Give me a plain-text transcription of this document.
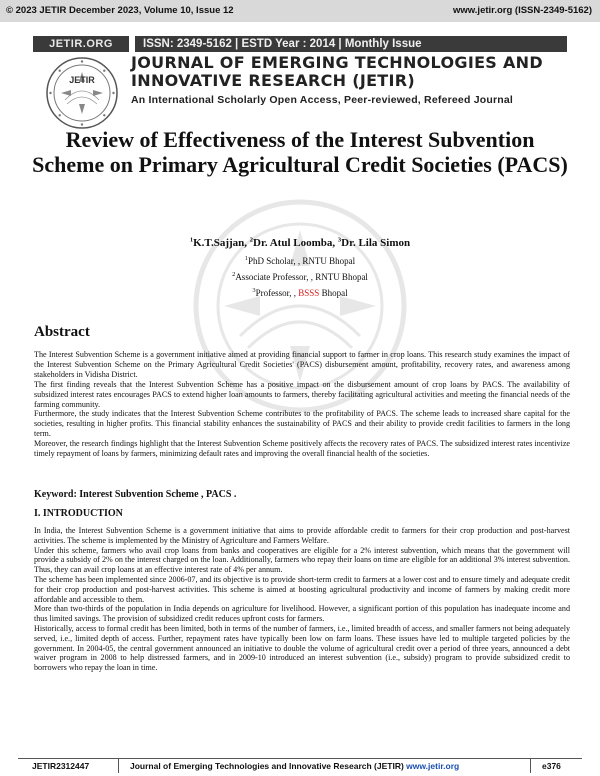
© 2023 JETIR December 2023, Volume 10, Issue 12	www.jetir.org (ISSN-2349-5162)
JETIR.ORG	ISSN: 2349-5162 | ESTD Year : 2014 | Monthly Issue
JETIR
JOURNAL OF EMERGING TECHNOLOGIES AND
INNOVATIVE RESEARCH (JETIR)
An International Scholarly Open Access, Peer-reviewed, Refereed Journal
Review of Effectiveness of the Interest Subvention Scheme on Primary Agricultural Credit Societies (PACS)
$^1$K.T.Sajjan, $^2$Dr. Atul Loomba, $^3$Dr. Lila Simon
$^1$PhD Scholar, , RNTU Bhopal
$^2$Associate Professor, , RNTU Bhopal
$^3$Professor, , BSSS Bhopal
Abstract

The Interest Subvention Scheme is a government initiative aimed at providing financial support to farmer in crop loans. This research study examines the impact of the Interest Subvention Scheme on the Primary Agricultural Credit Societies' (PACS) disbursement amount, profitability, recovery rates, and awareness among stakeholders in Vidisha District.

The first finding reveals that the Interest Subvention Scheme has a positive impact on the disbursement amount of crop loans by PACS. The availability of subsidized interest rates encourages PACS to extend higher loan amounts to farmers, thereby facilitating agricultural activities and meeting the financial needs of the farming community.

Furthermore, the study indicates that the Interest Subvention Scheme contributes to the profitability of PACS. The scheme leads to increased share capital for the societies, resulting in higher profits. This financial stability enhances the sustainability of PACS and their ability to provide credit facilities to farmers in the long term.

Moreover, the research findings highlight that the Interest Subvention Scheme positively affects the recovery rates of PACS. The subsidized interest rates incentivize timely repayment of loans by farmers, minimizing default rates and improving the overall financial health of the societies.

Keyword: Interest Subvention Scheme , PACS .
I. INTRODUCTION

In India, the Interest Subvention Scheme is a government initiative that aims to provide affordable credit to farmers for their crop production and post-harvest activities. The scheme is implemented by the Ministry of Agriculture and Farmers Welfare.

Under this scheme, farmers who avail crop loans from banks and cooperatives are eligible for a 2% interest subvention, which means that the government will provide a subsidy of 2% on the interest charged on the loan. Additionally, farmers who repay their loans on time are eligible for an additional 3% interest subvention. Thus, they can avail crop loans at an effective interest rate of 4% per annum.

The scheme has been implemented since 2006-07, and its objective is to provide short-term credit to farmers at a lower cost and to ensure timely and adequate credit for their crop production and post-harvest activities. This scheme is aimed at boosting agricultural productivity and income of farmers by making credit more affordable and accessible to them.

More than two-thirds of the population in India depends on agriculture for livelihood. However, a significant portion of this population has inadequate income and thus limited savings. The provision of subsidized credit reduces upfront costs for farmers.

Historically, access to formal credit has been limited, both in terms of the number of farmers, i.e., limited breadth of access, and smaller farmers not being adequately served, i.e., limited depth of access. Further, repayment rates have typically been low on farm loans. These issues have led to multiple targeted policies by the government. In 2004-05, the central government announced an initiative to double the volume of agricultural credit over a period of three years, announced a debt waiver program in 2008 to help distressed farmers, and in 2009-10 introduced an interest subvention (i.e., subsidy) program to provide subsidized credit to borrowers who repay the loan in time.

JETIR2312447	Journal of Emerging Technologies and Innovative Research (JETIR) www.jetir.org	e376
